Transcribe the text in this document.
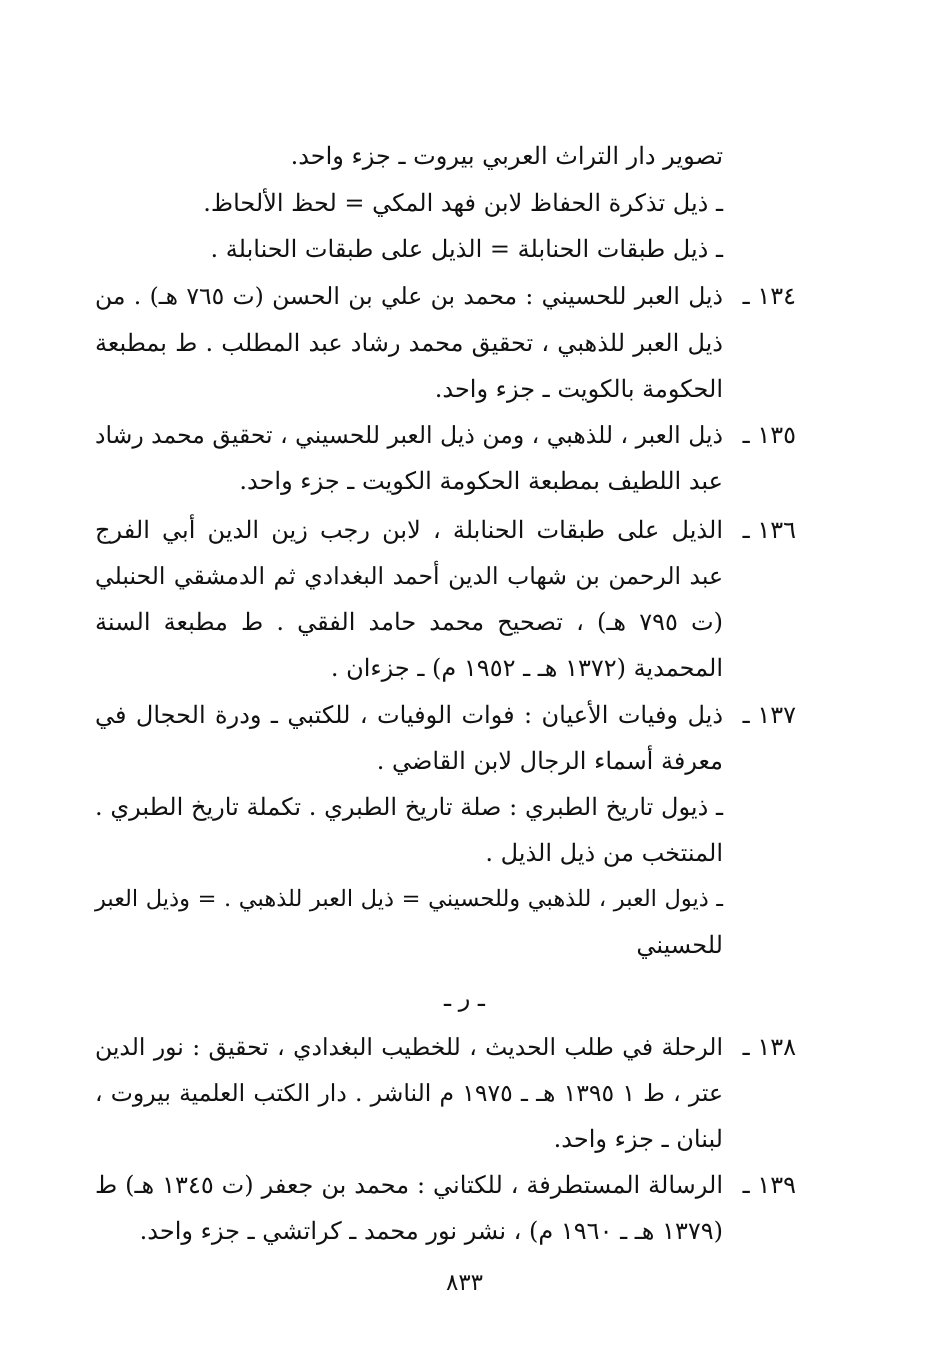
تصوير دار التراث العربي بيروت ـ جزء واحد.
ـ ذيل تذكرة الحفاظ لابن فهد المكي = لحظ الألحاظ.
ـ ذيل طبقات الحنابلة = الذيل على طبقات الحنابلة .
١٣٤ ـ
ذيل العبر للحسيني : محمد بن علي بن الحسن (ت ٧٦٥ هـ) . من
ذيل العبر للذهبي ، تحقيق محمد رشاد عبد المطلب . ط بمطبعة
الحكومة بالكويت ـ جزء واحد.
١٣٥ ـ
ذيل العبر ، للذهبي ، ومن ذيل العبر للحسيني ، تحقيق محمد رشاد
عبد اللطيف بمطبعة الحكومة الكويت ـ جزء واحد.
١٣٦ ـ
الذيل على طبقات الحنابلة ، لابن رجب زين الدين أبي الفرج
عبد الرحمن بن شهاب الدين أحمد البغدادي ثم الدمشقي الحنبلي
(ت ٧٩٥ هـ) ، تصحيح محمد حامد الفقي . ط مطبعة السنة
المحمدية (١٣٧٢ هـ ـ ١٩٥٢ م) ـ جزءان .
١٣٧ ـ
ذيل وفيات الأعيان : فوات الوفيات ، للكتبي ـ ودرة الحجال في
معرفة أسماء الرجال لابن القاضي .
ـ ذيول تاريخ الطبري : صلة تاريخ الطبري . تكملة تاريخ الطبري .
المنتخب من ذيل الذيل .
ـ ذيول العبر ، للذهبي وللحسيني = ذيل العبر للذهبي . = وذيل العبر
للحسيني
ـ ر ـ
١٣٨ ـ
الرحلة في طلب الحديث ، للخطيب البغدادي ، تحقيق : نور الدين
عتر ، ط ١ ١٣٩٥ هـ ـ ١٩٧٥ م الناشر . دار الكتب العلمية بيروت ،
لبنان ـ جزء واحد.
١٣٩ ـ
الرسالة المستطرفة ، للكتاني : محمد بن جعفر (ت ١٣٤٥ هـ) ط
(١٣٧٩ هـ ـ ١٩٦٠ م) ، نشر نور محمد ـ كراتشي ـ جزء واحد.
٨٣٣
